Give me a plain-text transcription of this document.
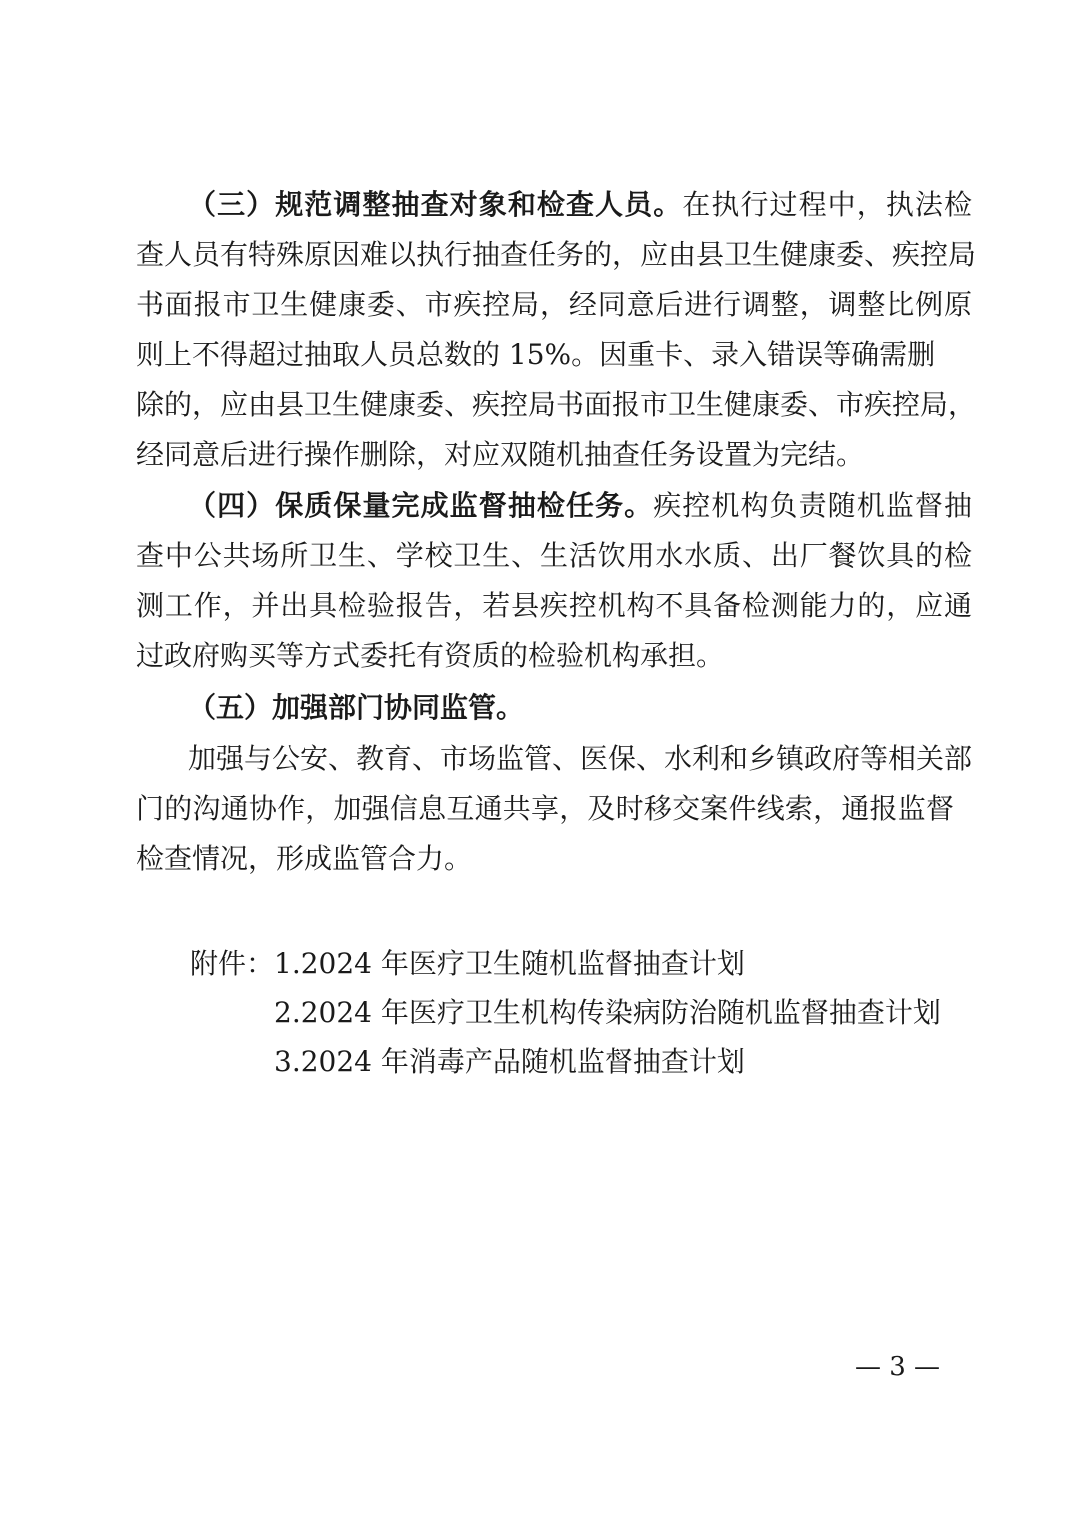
（三）规范调整抽查对象和检查人员。在执行过程中，执法检
查人员有特殊原因难以执行抽查任务的，应由县卫生健康委、疾控局
书面报市卫生健康委、市疾控局，经同意后进行调整，调整比例原
则上不得超过抽取人员总数的 15%。因重卡、录入错误等确需删
除的，应由县卫生健康委、疾控局书面报市卫生健康委、市疾控局，
经同意后进行操作删除，对应双随机抽查任务设置为完结。
（四）保质保量完成监督抽检任务。疾控机构负责随机监督抽
查中公共场所卫生、学校卫生、生活饮用水水质、出厂餐饮具的检
测工作，并出具检验报告，若县疾控机构不具备检测能力的，应通
过政府购买等方式委托有资质的检验机构承担。
（五）加强部门协同监管。
加强与公安、教育、市场监管、医保、水利和乡镇政府等相关部
门的沟通协作，加强信息互通共享，及时移交案件线索，通报监督
检查情况，形成监管合力。
附件： 1.2024 年医疗卫生随机监督抽查计划
2.2024 年医疗卫生机构传染病防治随机监督抽查计划
3.2024 年消毒产品随机监督抽查计划
— 3 —
